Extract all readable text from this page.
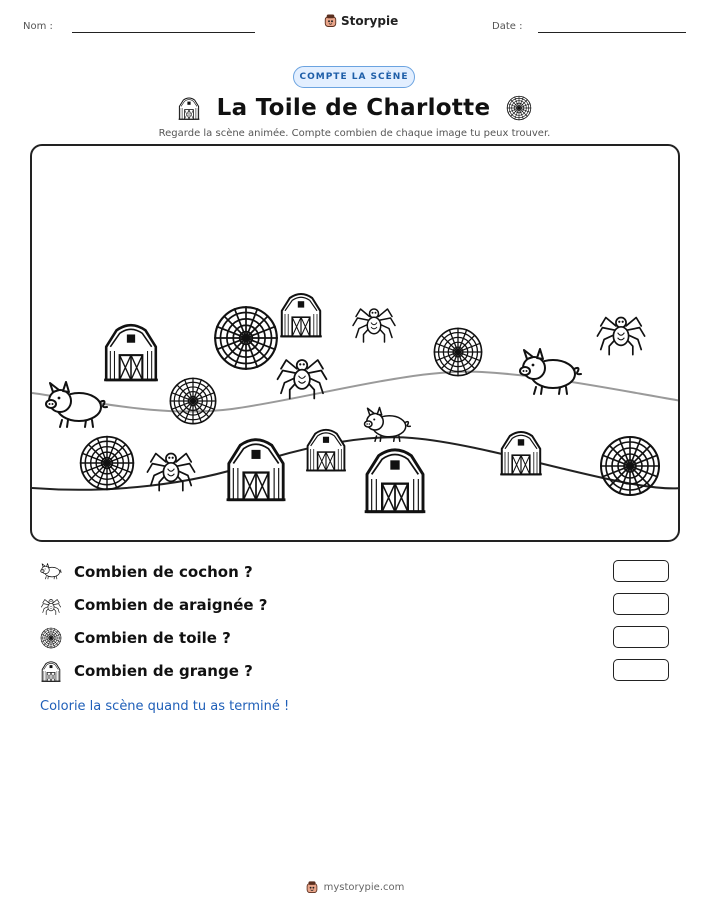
Nom :	Storypie	Date :
COMPTE LA SCÈNE
La Toile de Charlotte
Regarde la scène animée. Compte combien de chaque image tu peux trouver.
Combien de cochon ?
Combien de araignée ?
Combien de toile ?
Combien de grange ?
Colorie la scène quand tu as terminé !
mystorypie.com
